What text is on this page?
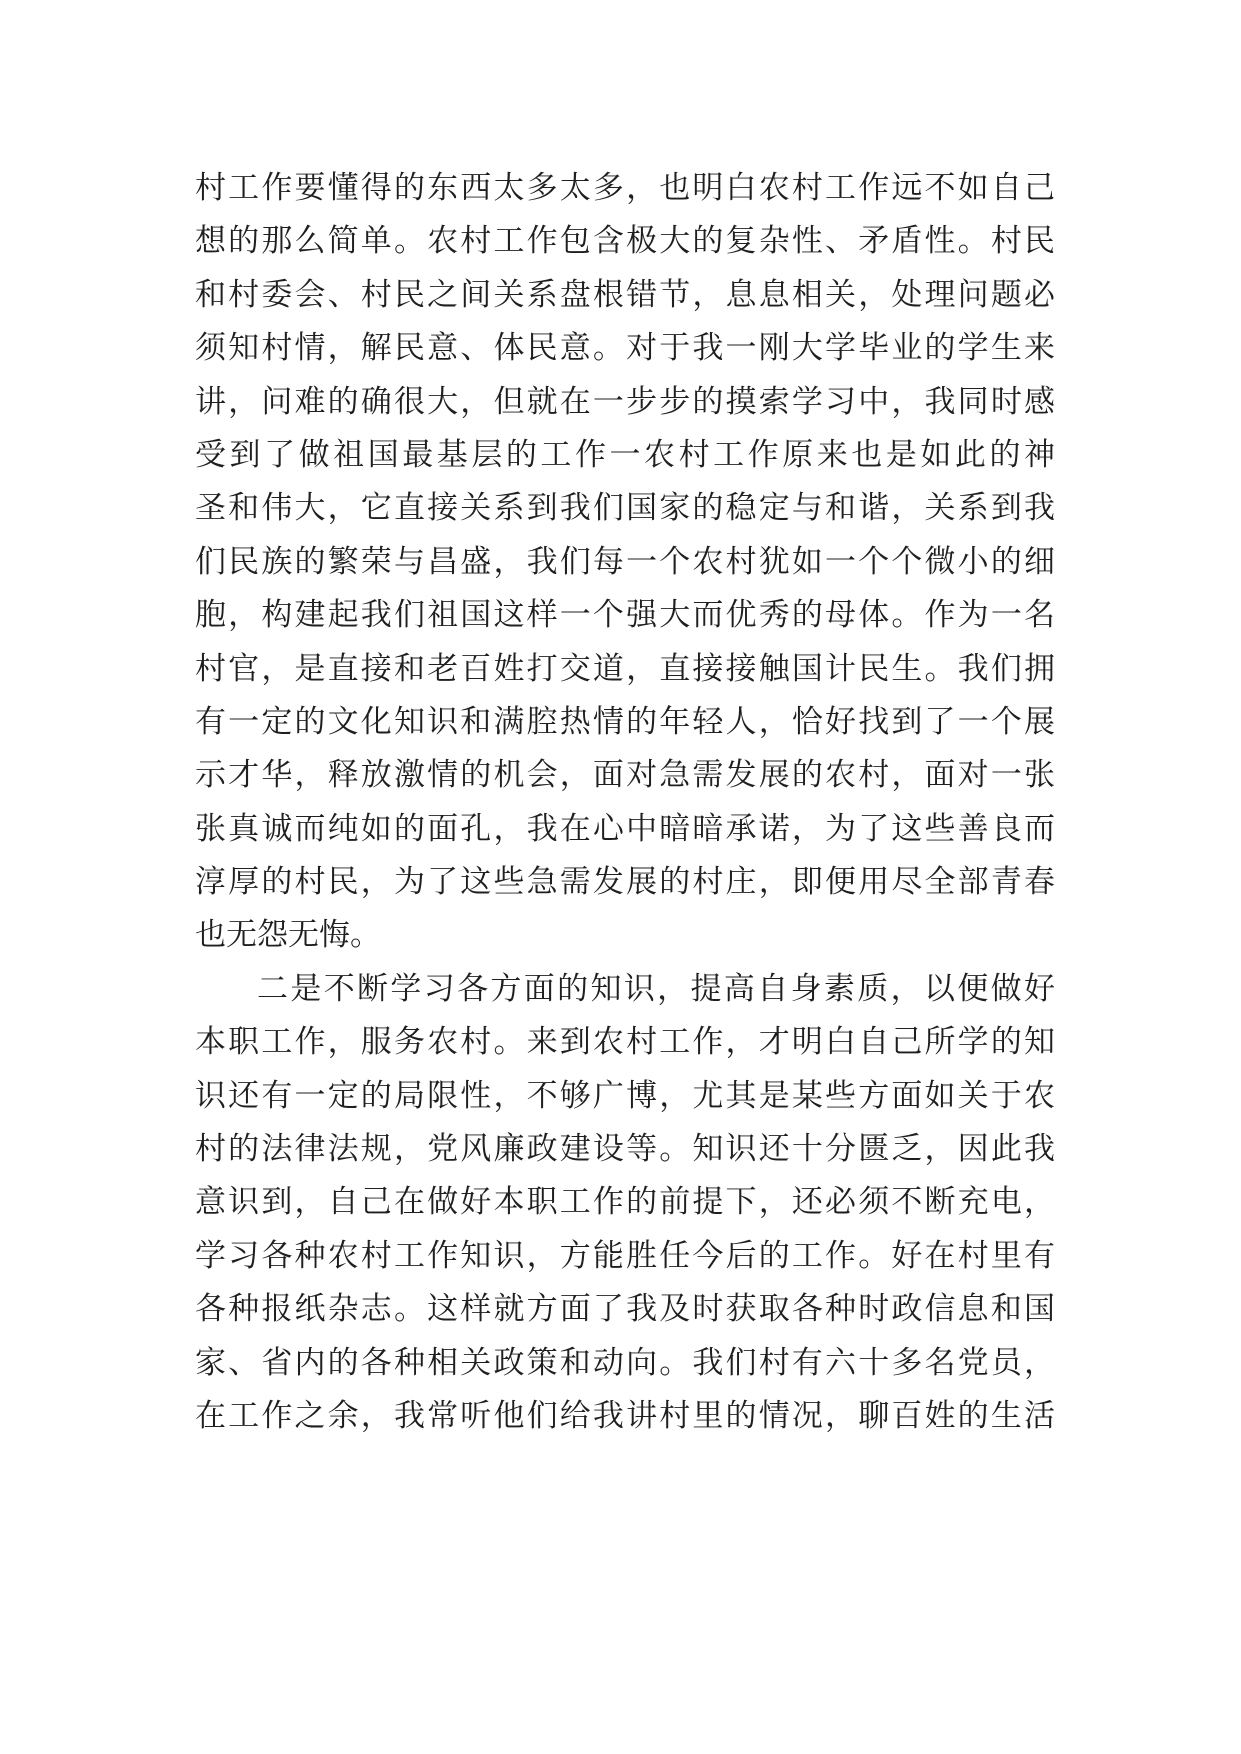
村工作要懂得的东西太多太多，也明白农村工作远不如自己
想的那么简单。农村工作包含极大的复杂性、矛盾性。村民
和村委会、村民之间关系盘根错节，息息相关，处理问题必
须知村情，解民意、体民意。对于我一刚大学毕业的学生来
讲，问难的确很大，但就在一步步的摸索学习中，我同时感
受到了做祖国最基层的工作一农村工作原来也是如此的神
圣和伟大，它直接关系到我们国家的稳定与和谐，关系到我
们民族的繁荣与昌盛，我们每一个农村犹如一个个微小的细
胞，构建起我们祖国这样一个强大而优秀的母体。作为一名
村官，是直接和老百姓打交道，直接接触国计民生。我们拥
有一定的文化知识和满腔热情的年轻人，恰好找到了一个展
示才华，释放激情的机会，面对急需发展的农村，面对一张
张真诚而纯如的面孔，我在心中暗暗承诺，为了这些善良而
淳厚的村民，为了这些急需发展的村庄，即便用尽全部青春
也无怨无悔。
二是不断学习各方面的知识，提高自身素质，以便做好
本职工作，服务农村。来到农村工作，才明白自己所学的知
识还有一定的局限性，不够广博，尤其是某些方面如关于农
村的法律法规，党风廉政建设等。知识还十分匮乏，因此我
意识到，自己在做好本职工作的前提下，还必须不断充电，
学习各种农村工作知识，方能胜任今后的工作。好在村里有
各种报纸杂志。这样就方面了我及时获取各种时政信息和国
家、省内的各种相关政策和动向。我们村有六十多名党员，
在工作之余，我常听他们给我讲村里的情况，聊百姓的生活
